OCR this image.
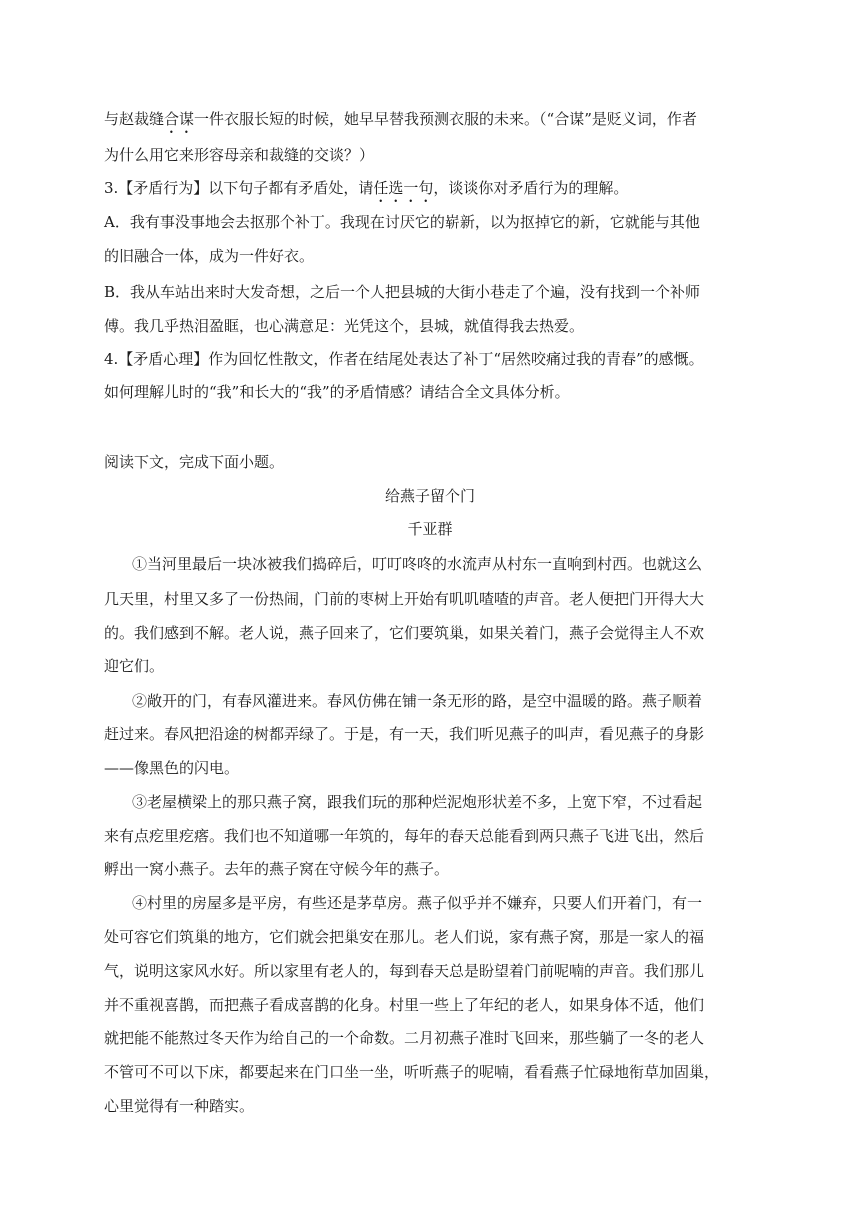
与赵裁缝合谋一件衣服长短的时候，她早早替我预测衣服的未来。（“合谋”是贬义词，作者
为什么用它来形容母亲和裁缝的交谈？）
3.【矛盾行为】以下句子都有矛盾处，请任选一句，谈谈你对矛盾行为的理解。
A．我有事没事地会去抠那个补丁。我现在讨厌它的崭新，以为抠掉它的新，它就能与其他
的旧融合一体，成为一件好衣。
B．我从车站出来时大发奇想，之后一个人把县城的大街小巷走了个遍，没有找到一个补师
傅。我几乎热泪盈眶，也心满意足：光凭这个，县城，就值得我去热爱。
4.【矛盾心理】作为回忆性散文，作者在结尾处表达了补丁“居然咬痛过我的青春”的感慨。
如何理解儿时的“我”和长大的“我”的矛盾情感？请结合全文具体分析。
阅读下文，完成下面小题。
给燕子留个门
千亚群
①当河里最后一块冰被我们捣碎后，叮叮咚咚的水流声从村东一直响到村西。也就这么
几天里，村里又多了一份热闹，门前的枣树上开始有叽叽喳喳的声音。老人便把门开得大大
的。我们感到不解。老人说，燕子回来了，它们要筑巢，如果关着门，燕子会觉得主人不欢
迎它们。
②敞开的门，有春风灌进来。春风仿佛在铺一条无形的路，是空中温暖的路。燕子顺着
赶过来。春风把沿途的树都弄绿了。于是，有一天，我们听见燕子的叫声，看见燕子的身影
——像黑色的闪电。
③老屋横梁上的那只燕子窝，跟我们玩的那种烂泥炮形状差不多，上宽下窄，不过看起
来有点疙里疙瘩。我们也不知道哪一年筑的，每年的春天总能看到两只燕子飞进飞出，然后
孵出一窝小燕子。去年的燕子窝在守候今年的燕子。
④村里的房屋多是平房，有些还是茅草房。燕子似乎并不嫌弃，只要人们开着门，有一
处可容它们筑巢的地方，它们就会把巢安在那儿。老人们说，家有燕子窝，那是一家人的福
气，说明这家风水好。所以家里有老人的，每到春天总是盼望着门前呢喃的声音。我们那儿
并不重视喜鹊，而把燕子看成喜鹊的化身。村里一些上了年纪的老人，如果身体不适，他们
就把能不能熬过冬天作为给自己的一个命数。二月初燕子准时飞回来，那些躺了一冬的老人
不管可不可以下床，都要起来在门口坐一坐，听听燕子的呢喃，看看燕子忙碌地衔草加固巢，
心里觉得有一种踏实。
